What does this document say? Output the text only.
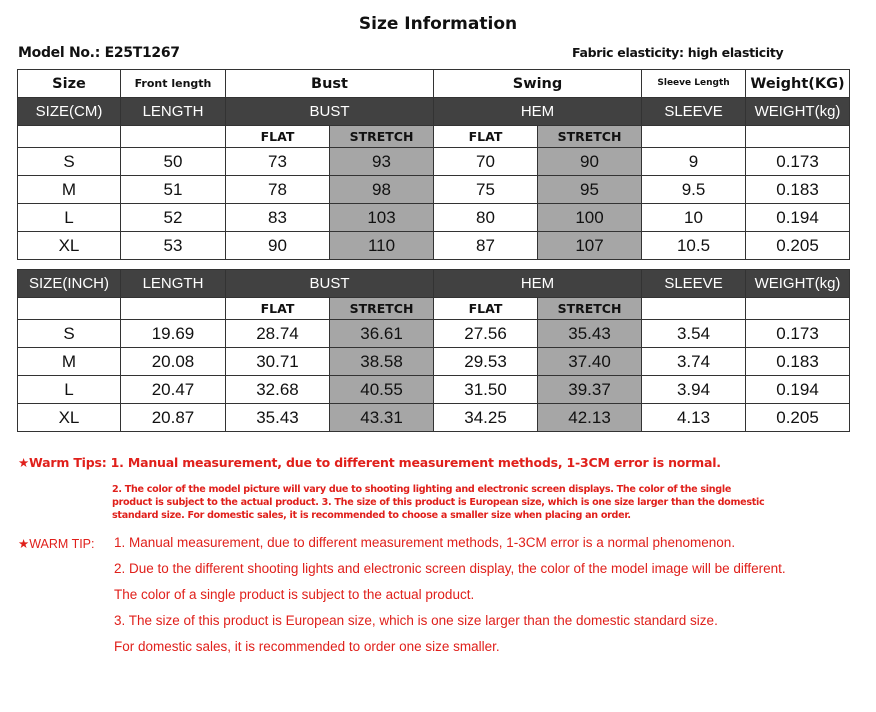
Size Information
Model No.: E25T1267	Fabric elasticity: high elasticity
Size	Front length	Bust		Swing		Sleeve Length	Weight(KG)
SIZE(CM)	LENGTH	BUST		HEM		SLEEVE	WEIGHT(kg)
		FLAT	STRETCH	FLAT	STRETCH		
S	50	73	93	70	90	9	0.173
M	51	78	98	75	95	9.5	0.183
L	52	83	103	80	100	10	0.194
XL	53	90	110	87	107	10.5	0.205
SIZE(INCH)	LENGTH	BUST		HEM		SLEEVE	WEIGHT(kg)
		FLAT	STRETCH	FLAT	STRETCH		
S	19.69	28.74	36.61	27.56	35.43	3.54	0.173
M	20.08	30.71	38.58	29.53	37.40	3.74	0.183
L	20.47	32.68	40.55	31.50	39.37	3.94	0.194
XL	20.87	35.43	43.31	34.25	42.13	4.13	0.205
★Warm Tips: 1. Manual measurement, due to different measurement methods, 1-3CM error is normal.
2. The color of the model picture will vary due to shooting lighting and electronic screen displays. The color of the single product is subject to the actual product. 3. The size of this product is European size, which is one size larger than the domestic standard size. For domestic sales, it is recommended to choose a smaller size when placing an order.
★WARM TIP: 1. Manual measurement, due to different measurement methods, 1-3CM error is a normal phenomenon.
2. Due to the different shooting lights and electronic screen display, the color of the model image will be different.
The color of a single product is subject to the actual product.
3. The size of this product is European size, which is one size larger than the domestic standard size.
For domestic sales, it is recommended to order one size smaller.
